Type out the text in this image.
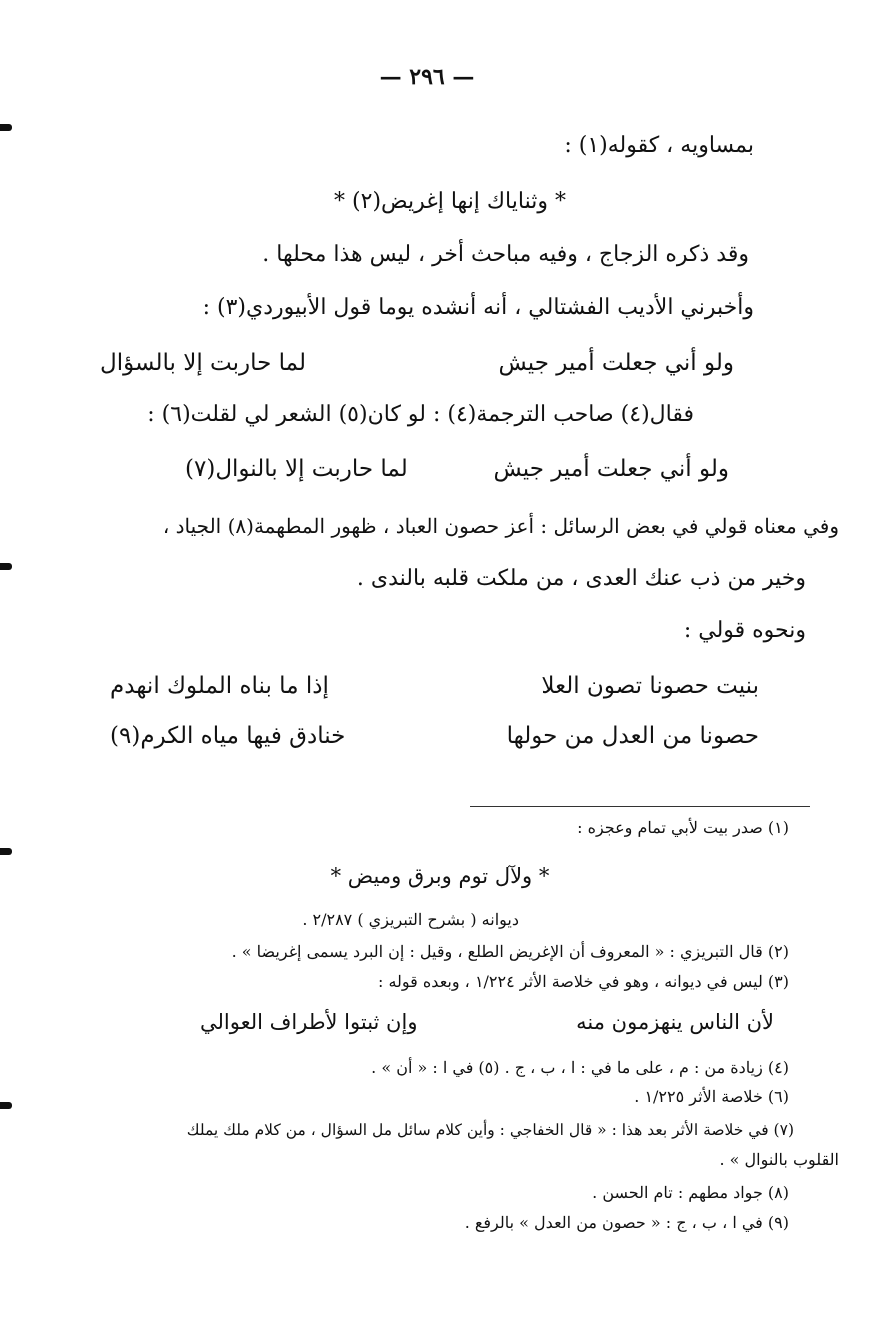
— ٢٩٦ —
بمساويه ، كقوله(١) :
* وثناياك إنها إغريض(٢) *
وقد ذكره الزجاج ، وفيه مباحث أخر ، ليس هذا محلها .
وأخبرني الأديب الفشتالي ، أنه أنشده يوما قول الأبيوردي(٣) :
ولو أني جعلت أمير جيش
لما حاربت إلا بالسؤال
فقال(٤) صاحب الترجمة(٤) : لو كان(٥) الشعر لي لقلت(٦) :
ولو أني جعلت أمير جيش
لما حاربت إلا بالنوال(٧)
وفي معناه قولي في بعض الرسائل : أعز حصون العباد ، ظهور المطهمة(٨) الجياد ،
وخير من ذب عنك العدى ، من ملكت قلبه بالندى .
ونحوه قولي :
بنيت حصونا تصون العلا
إذا ما بناه الملوك انهدم
حصونا من العدل من حولها
خنادق فيها مياه الكرم(٩)
(١) صدر بيت لأبي تمام وعجزه :
* ولآل توم وبرق وميض *
ديوانه ( بشرح التبريزي ) ٢/٢٨٧ .
(٢) قال التبريزي : « المعروف أن الإغريض الطلع ، وقيل : إن البرد يسمى إغريضا » .
(٣) ليس في ديوانه ، وهو في خلاصة الأثر ١/٢٢٤ ، وبعده قوله :
لأن الناس ينهزمون منه
وإن ثبتوا لأطراف العوالي
(٤) زيادة من : م ، على ما في : ا ، ب ، ج . (٥) في ا : « أن » .
(٦) خلاصة الأثر ١/٢٢٥ .
(٧) في خلاصة الأثر بعد هذا : « قال الخفاجي : وأين كلام سائل مل السؤال ، من كلام ملك يملك
القلوب بالنوال » .
(٨) جواد مطهم : تام الحسن .
(٩) في ا ، ب ، ج : « حصون من العدل » بالرفع .
